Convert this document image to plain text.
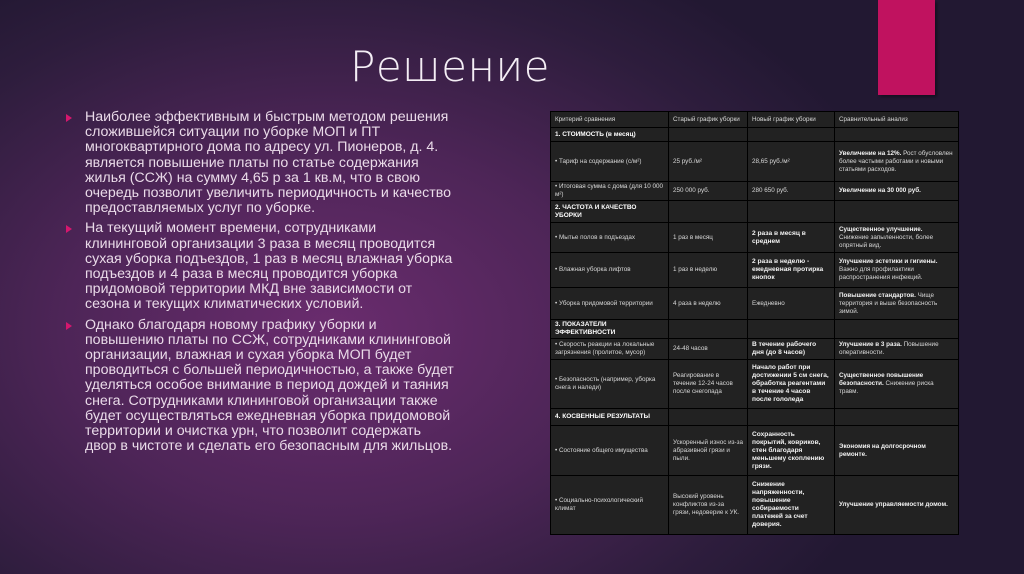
Решение
Наиболее эффективным и быстрым методом решения сложившейся ситуации по уборке МОП и ПТ многоквартирного дома по адресу ул. Пионеров, д. 4. является повышение платы по статье содержания жилья (ССЖ) на сумму 4,65 р за 1 кв.м, что в свою очередь позволит увеличить периодичность и качество предоставляемых услуг по уборке.
На текущий момент времени, сотрудниками клининговой организации 3 раза в месяц проводится сухая уборка подъездов, 1 раз в месяц влажная уборка подъездов и 4 раза в месяц проводится уборка придомовой территории МКД вне зависимости от сезона и текущих климатических условий.
Однако благодаря новому графику уборки и повышению платы по ССЖ, сотрудниками клининговой организации, влажная и сухая уборка МОП будет проводиться с большей периодичностью, а также будет уделяться особое внимание в период дождей и таяния снега. Сотрудниками клининговой организации также будет осуществляться ежедневная уборка придомовой территории и очистка урн, что позволит содержать двор в чистоте и сделать его безопасным для жильцов.
Критерий сравнения	Старый график уборки	Новый график уборки	Сравнительный анализ
1. СТОИМОСТЬ (в месяц)			
• Тариф на содержание (с/м²)	25 руб./м²	28,65 руб./м²	Увеличение на 12%. Рост обусловлен более частыми работами и новыми статьями расходов.
• Итоговая сумма с дома (для 10 000 м²)	250 000 руб.	280 650 руб.	Увеличение на 30 000 руб.
2. ЧАСТОТА И КАЧЕСТВО УБОРКИ			
• Мытье полов в подъездах	1 раз в месяц	2 раза в месяц в среднем	Существенное улучшение. Снижение запыленности, более опрятный вид.
• Влажная уборка лифтов	1 раз в неделю	2 раза в неделю - ежедневная протирка кнопок	Улучшение эстетики и гигиены. Важно для профилактики распространения инфекций.
• Уборка придомовой территории	4 раза в неделю	Ежедневно	Повышение стандартов. Чище территория и выше безопасность зимой.
3. ПОКАЗАТЕЛИ ЭФФЕКТИВНОСТИ			
• Скорость реакции на локальные загрязнения (пролитое, мусор)	24-48 часов	В течение рабочего дня (до 8 часов)	Улучшение в 3 раза. Повышение оперативности.
• Безопасность (например, уборка снега и наледи)	Реагирование в течение 12-24 часов после снегопада	Начало работ при достижении 5 см снега, обработка реагентами в течение 4 часов после гололеда	Существенное повышение безопасности. Снижение риска травм.
4. КОСВЕННЫЕ РЕЗУЛЬТАТЫ			
• Состояние общего имущества	Ускоренный износ из-за абразивной грязи и пыли.	Сохранность покрытий, ковриков, стен благодаря меньшему скоплению грязи.	Экономия на долгосрочном ремонте.
• Социально-психологический климат	Высокий уровень конфликтов из-за грязи, недоверие к УК.	Снижение напряженности, повышение собираемости платежей за счет доверия.	Улучшение управляемости домом.
